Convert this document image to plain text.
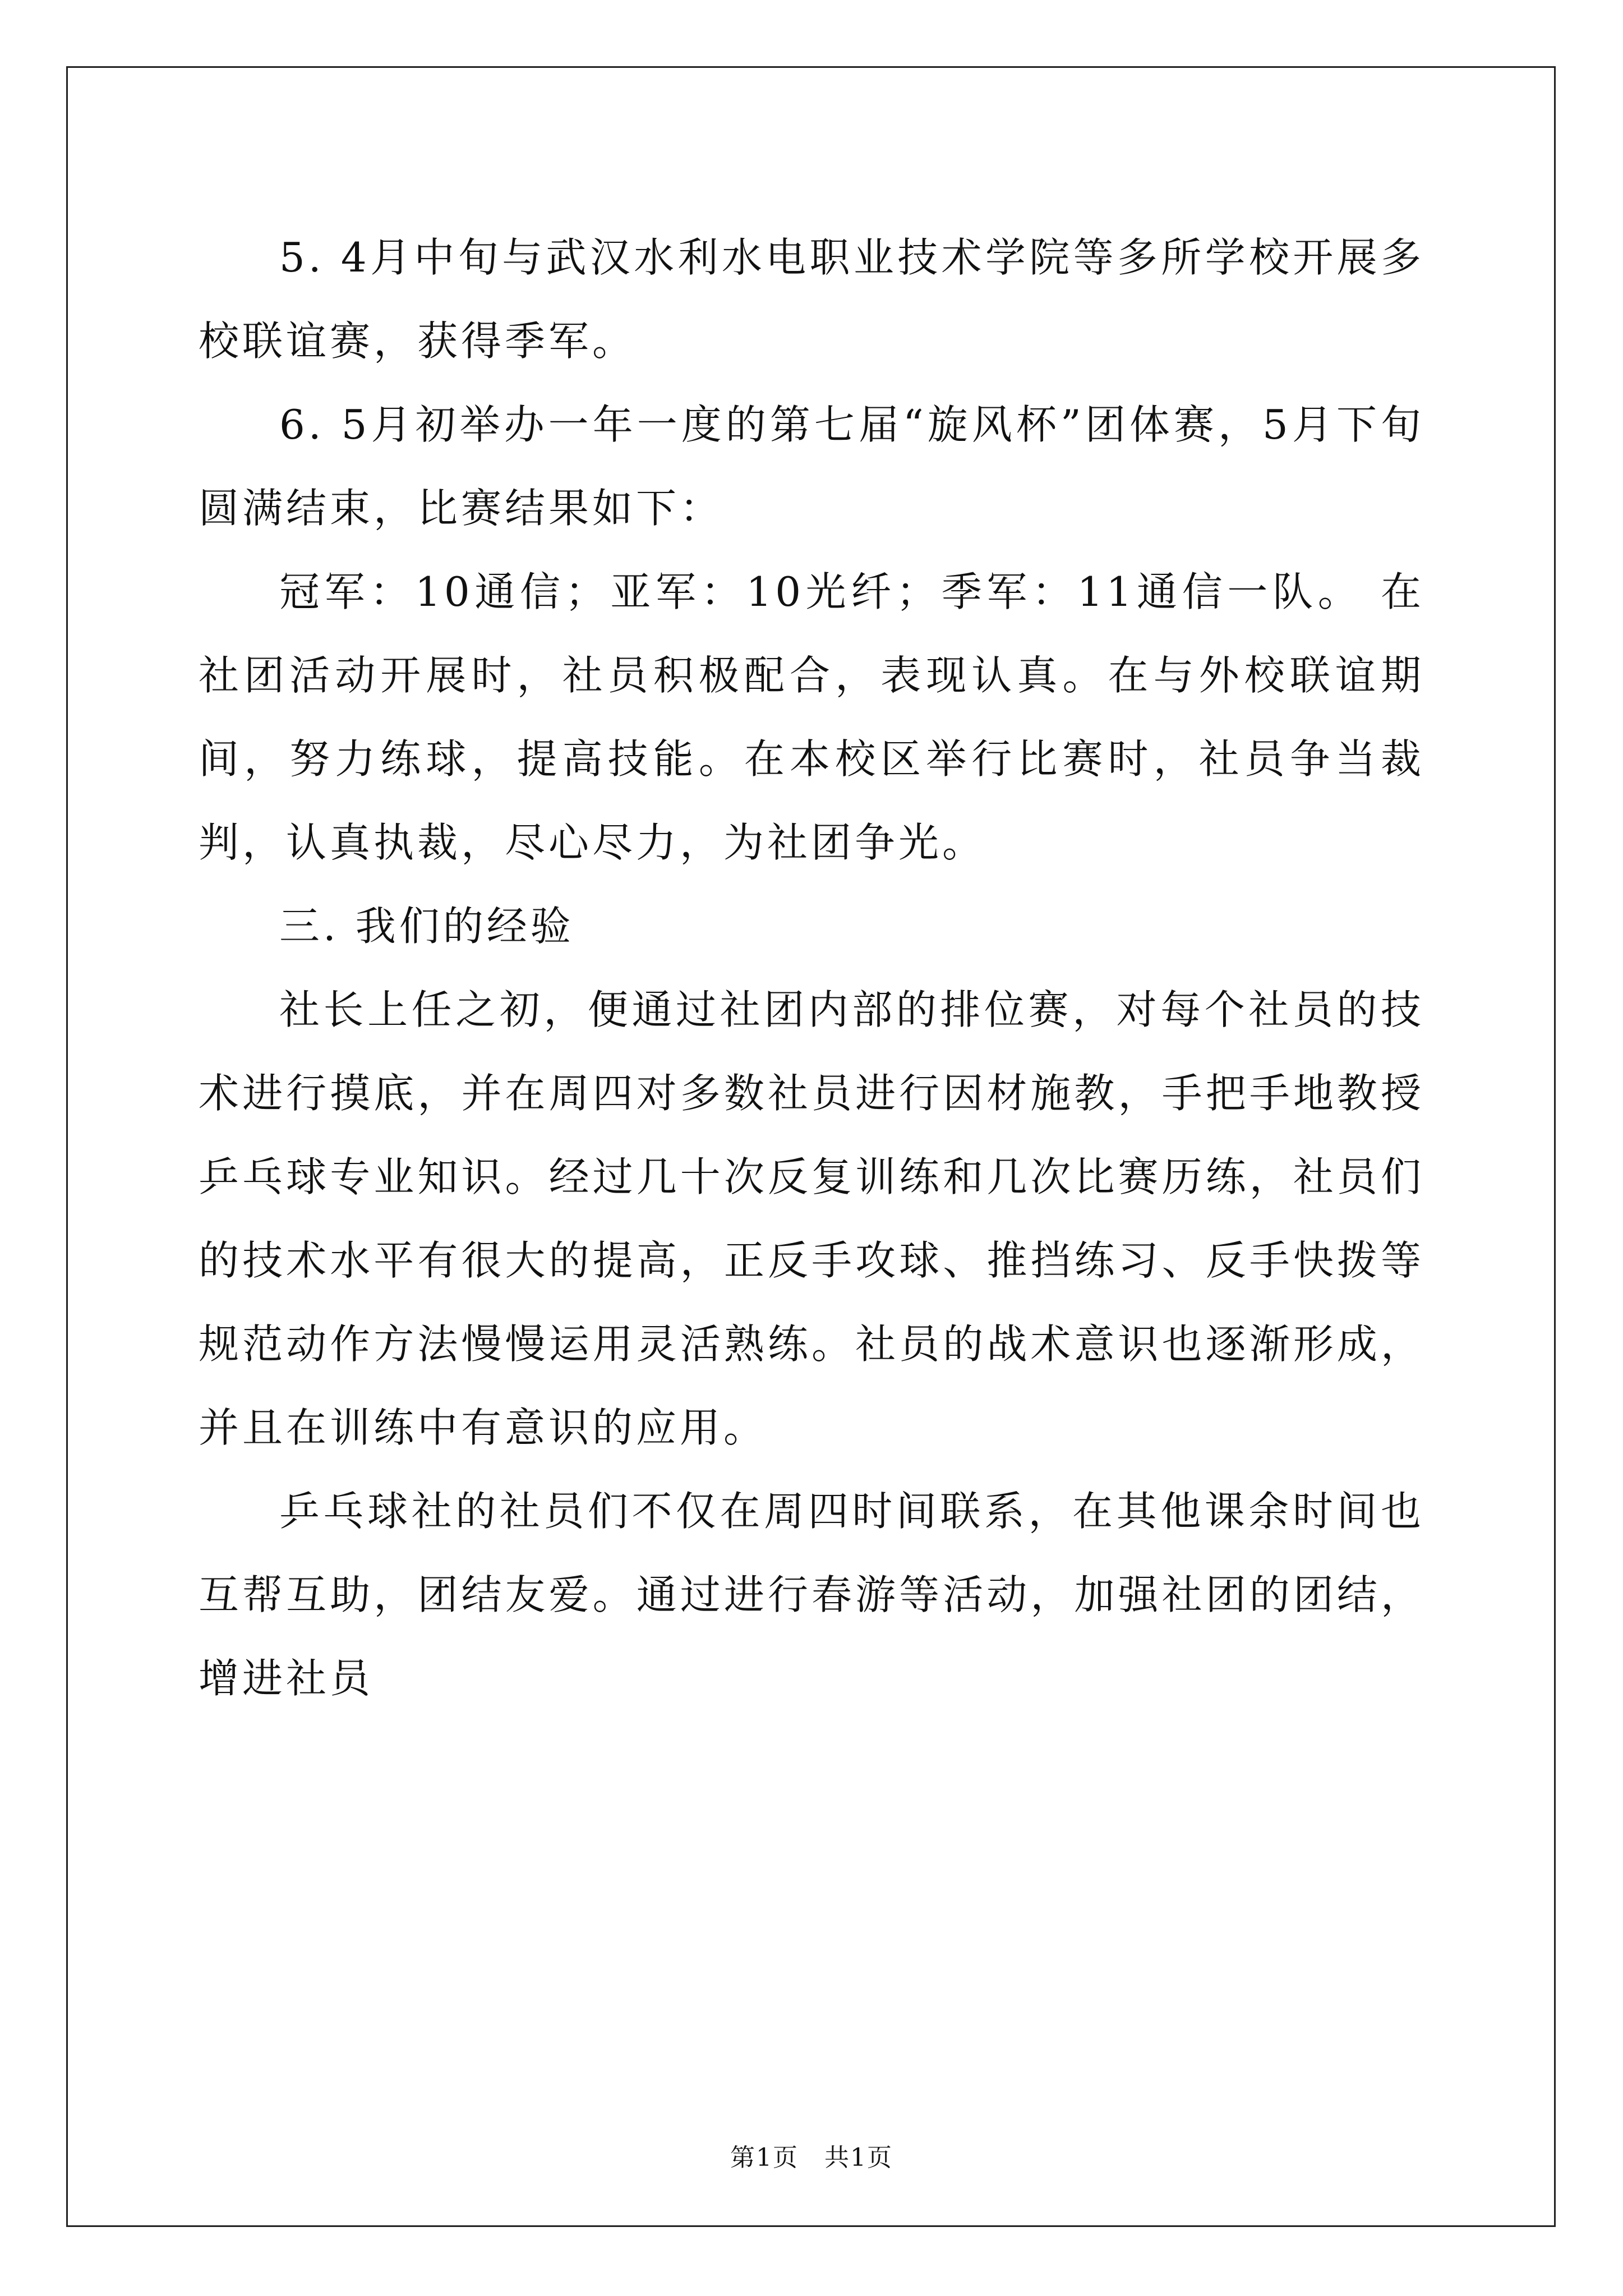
5. 4月中旬与武汉水利水电职业技术学院等多所学校开展多校联谊赛，获得季军。

6. 5月初举办一年一度的第七届“旋风杯”团体赛，5月下旬圆满结束，比赛结果如下：

冠军：10通信；亚军：10光纤；季军：11通信一队。 在社团活动开展时，社员积极配合，表现认真。在与外校联谊期间，努力练球，提高技能。在本校区举行比赛时，社员争当裁判，认真执裁，尽心尽力，为社团争光。

三. 我们的经验

社长上任之初，便通过社团内部的排位赛，对每个社员的技术进行摸底，并在周四对多数社员进行因材施教，手把手地教授乒乓球专业知识。经过几十次反复训练和几次比赛历练，社员们的技术水平有很大的提高，正反手攻球、推挡练习、反手快拨等规范动作方法慢慢运用灵活熟练。社员的战术意识也逐渐形成，并且在训练中有意识的应用。

乒乓球社的社员们不仅在周四时间联系，在其他课余时间也互帮互助，团结友爱。通过进行春游等活动，加强社团的团结，增进社员

第1页　共1页
